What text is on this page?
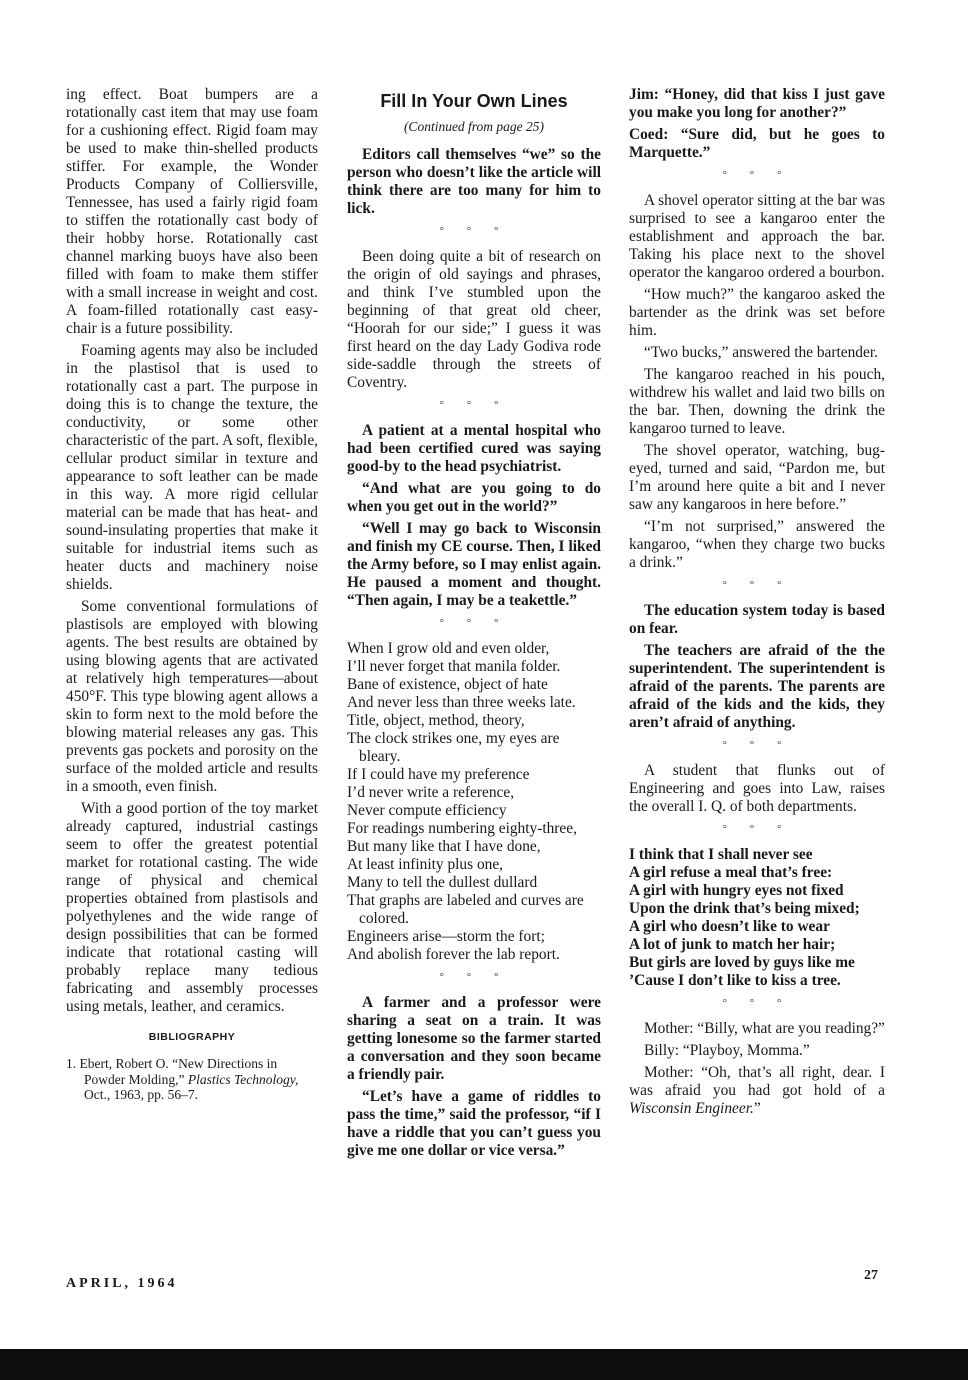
ing effect. Boat bumpers are a rotationally cast item that may use foam for a cushioning effect. Rigid foam may be used to make thin-shelled products stiffer. For example, the Wonder Products Company of Colliersville, Tennessee, has used a fairly rigid foam to stiffen the rotationally cast body of their hobby horse. Rotationally cast channel marking buoys have also been filled with foam to make them stiffer with a small increase in weight and cost. A foam-filled rotationally cast easy-chair is a future possibility.

Foaming agents may also be included in the plastisol that is used to rotationally cast a part. The purpose in doing this is to change the texture, the conductivity, or some other characteristic of the part. A soft, flexible, cellular product similar in texture and appearance to soft leather can be made in this way. A more rigid cellular material can be made that has heat- and sound-insulating properties that make it suitable for industrial items such as heater ducts and machinery noise shields.

Some conventional formulations of plastisols are employed with blowing agents. The best results are obtained by using blowing agents that are activated at relatively high temperatures—about 450°F. This type blowing agent allows a skin to form next to the mold before the blowing material releases any gas. This prevents gas pockets and porosity on the surface of the molded article and results in a smooth, even finish.

With a good portion of the toy market already captured, industrial castings seem to offer the greatest potential market for rotational casting. The wide range of physical and chemical properties obtained from plastisols and polyethylenes and the wide range of design possibilities that can be formed indicate that rotational casting will probably replace many tedious fabricating and assembly processes using metals, leather, and ceramics.

BIBLIOGRAPHY
1. Ebert, Robert O. “New Directions in Powder Molding,” Plastics Technology, Oct., 1963, pp. 56–7.
Fill In Your Own Lines
(Continued from page 25)

Editors call themselves “we” so the person who doesn’t like the article will think there are too many for him to lick.

° ° °

Been doing quite a bit of research on the origin of old sayings and phrases, and think I’ve stumbled upon the beginning of that great old cheer, “Hoorah for our side;” I guess it was first heard on the day Lady Godiva rode side-saddle through the streets of Coventry.

° ° °

A patient at a mental hospital who had been certified cured was saying good-by to the head psychiatrist.

“And what are you going to do when you get out in the world?”

“Well I may go back to Wisconsin and finish my CE course. Then, I liked the Army before, so I may enlist again. He paused a moment and thought. “Then again, I may be a teakettle.”

° ° °
When I grow old and even older,
I’ll never forget that manila folder.
Bane of existence, object of hate
And never less than three weeks late.
Title, object, method, theory,
The clock strikes one, my eyes are bleary.
If I could have my preference
I’d never write a reference,
Never compute efficiency
For readings numbering eighty-three,
But many like that I have done,
At least infinity plus one,
Many to tell the dullest dullard
That graphs are labeled and curves are colored.
Engineers arise—storm the fort;
And abolish forever the lab report.
° ° °

A farmer and a professor were sharing a seat on a train. It was getting lonesome so the farmer started a conversation and they soon became a friendly pair.

“Let’s have a game of riddles to pass the time,” said the professor, “if I have a riddle that you can’t guess you give me one dollar or vice versa.”

Jim: “Honey, did that kiss I just gave you make you long for another?”

Coed: “Sure did, but he goes to Marquette.”

° ° °

A shovel operator sitting at the bar was surprised to see a kangaroo enter the establishment and approach the bar. Taking his place next to the shovel operator the kangaroo ordered a bourbon.

“How much?” the kangaroo asked the bartender as the drink was set before him.

“Two bucks,” answered the bartender.

The kangaroo reached in his pouch, withdrew his wallet and laid two bills on the bar. Then, downing the drink the kangaroo turned to leave.

The shovel operator, watching, bug-eyed, turned and said, “Pardon me, but I’m around here quite a bit and I never saw any kangaroos in here before.”

“I’m not surprised,” answered the kangaroo, “when they charge two bucks a drink.”

° ° °

The education system today is based on fear.

The teachers are afraid of the the superintendent. The superintendent is afraid of the parents. The parents are afraid of the kids and the kids, they aren’t afraid of anything.

° ° °

A student that flunks out of Engineering and goes into Law, raises the overall I. Q. of both departments.

° ° °
I think that I shall never see
A girl refuse a meal that’s free:
A girl with hungry eyes not fixed
Upon the drink that’s being mixed;
A girl who doesn’t like to wear
A lot of junk to match her hair;
But girls are loved by guys like me
’Cause I don’t like to kiss a tree.
° ° °

Mother: “Billy, what are you reading?”

Billy: “Playboy, Momma.”

Mother: “Oh, that’s all right, dear. I was afraid you had got hold of a Wisconsin Engineer.”

APRIL, 1964
27
